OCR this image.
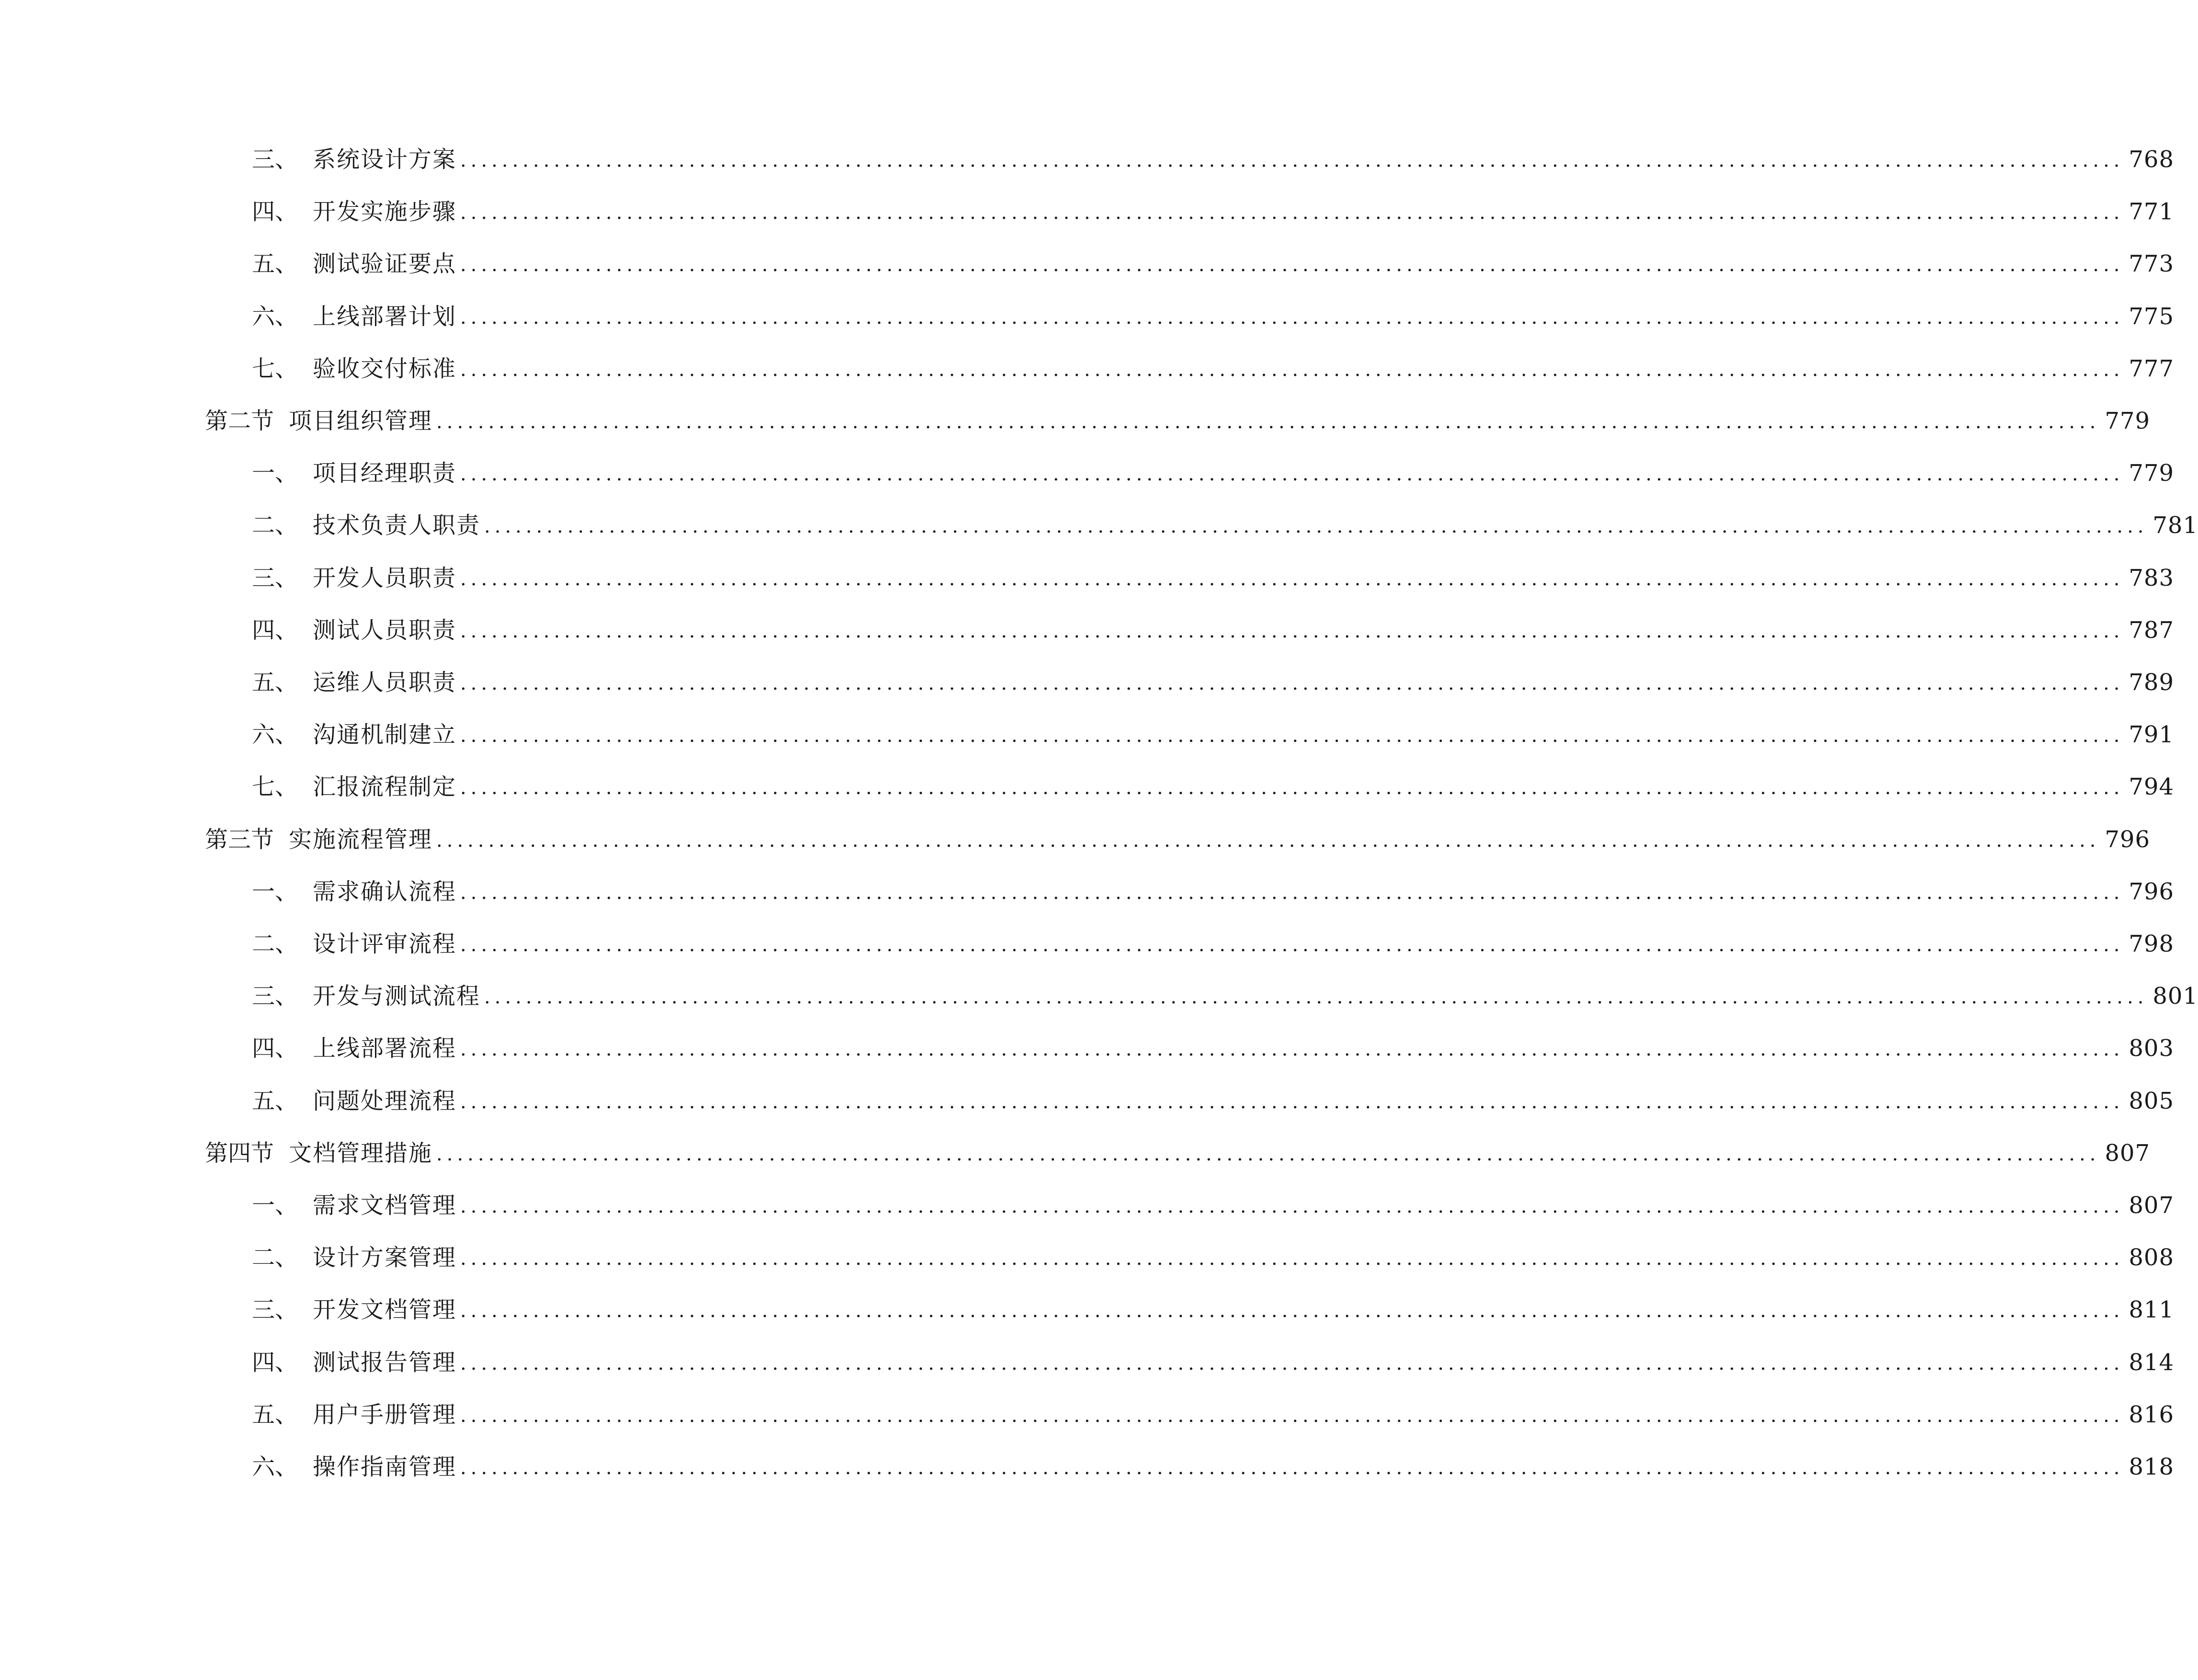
三、 系统设计方案 ................................................................................................................................................................ 768
四、 开发实施步骤 ................................................................................................................................................................ 771
五、 测试验证要点 ................................................................................................................................................................ 773
六、 上线部署计划 ................................................................................................................................................................ 775
七、 验收交付标准 ................................................................................................................................................................ 777
第二节 项目组织管理 ................................................................................................................................................................ 779
一、 项目经理职责 ................................................................................................................................................................ 779
二、 技术负责人职责 ................................................................................................................................................................ 781
三、 开发人员职责 ................................................................................................................................................................ 783
四、 测试人员职责 ................................................................................................................................................................ 787
五、 运维人员职责 ................................................................................................................................................................ 789
六、 沟通机制建立 ................................................................................................................................................................ 791
七、 汇报流程制定 ................................................................................................................................................................ 794
第三节 实施流程管理 ................................................................................................................................................................ 796
一、 需求确认流程 ................................................................................................................................................................ 796
二、 设计评审流程 ................................................................................................................................................................ 798
三、 开发与测试流程 ................................................................................................................................................................ 801
四、 上线部署流程 ................................................................................................................................................................ 803
五、 问题处理流程 ................................................................................................................................................................ 805
第四节 文档管理措施 ................................................................................................................................................................ 807
一、 需求文档管理 ................................................................................................................................................................ 807
二、 设计方案管理 ................................................................................................................................................................ 808
三、 开发文档管理 ................................................................................................................................................................ 811
四、 测试报告管理 ................................................................................................................................................................ 814
五、 用户手册管理 ................................................................................................................................................................ 816
六、 操作指南管理 ................................................................................................................................................................ 818
